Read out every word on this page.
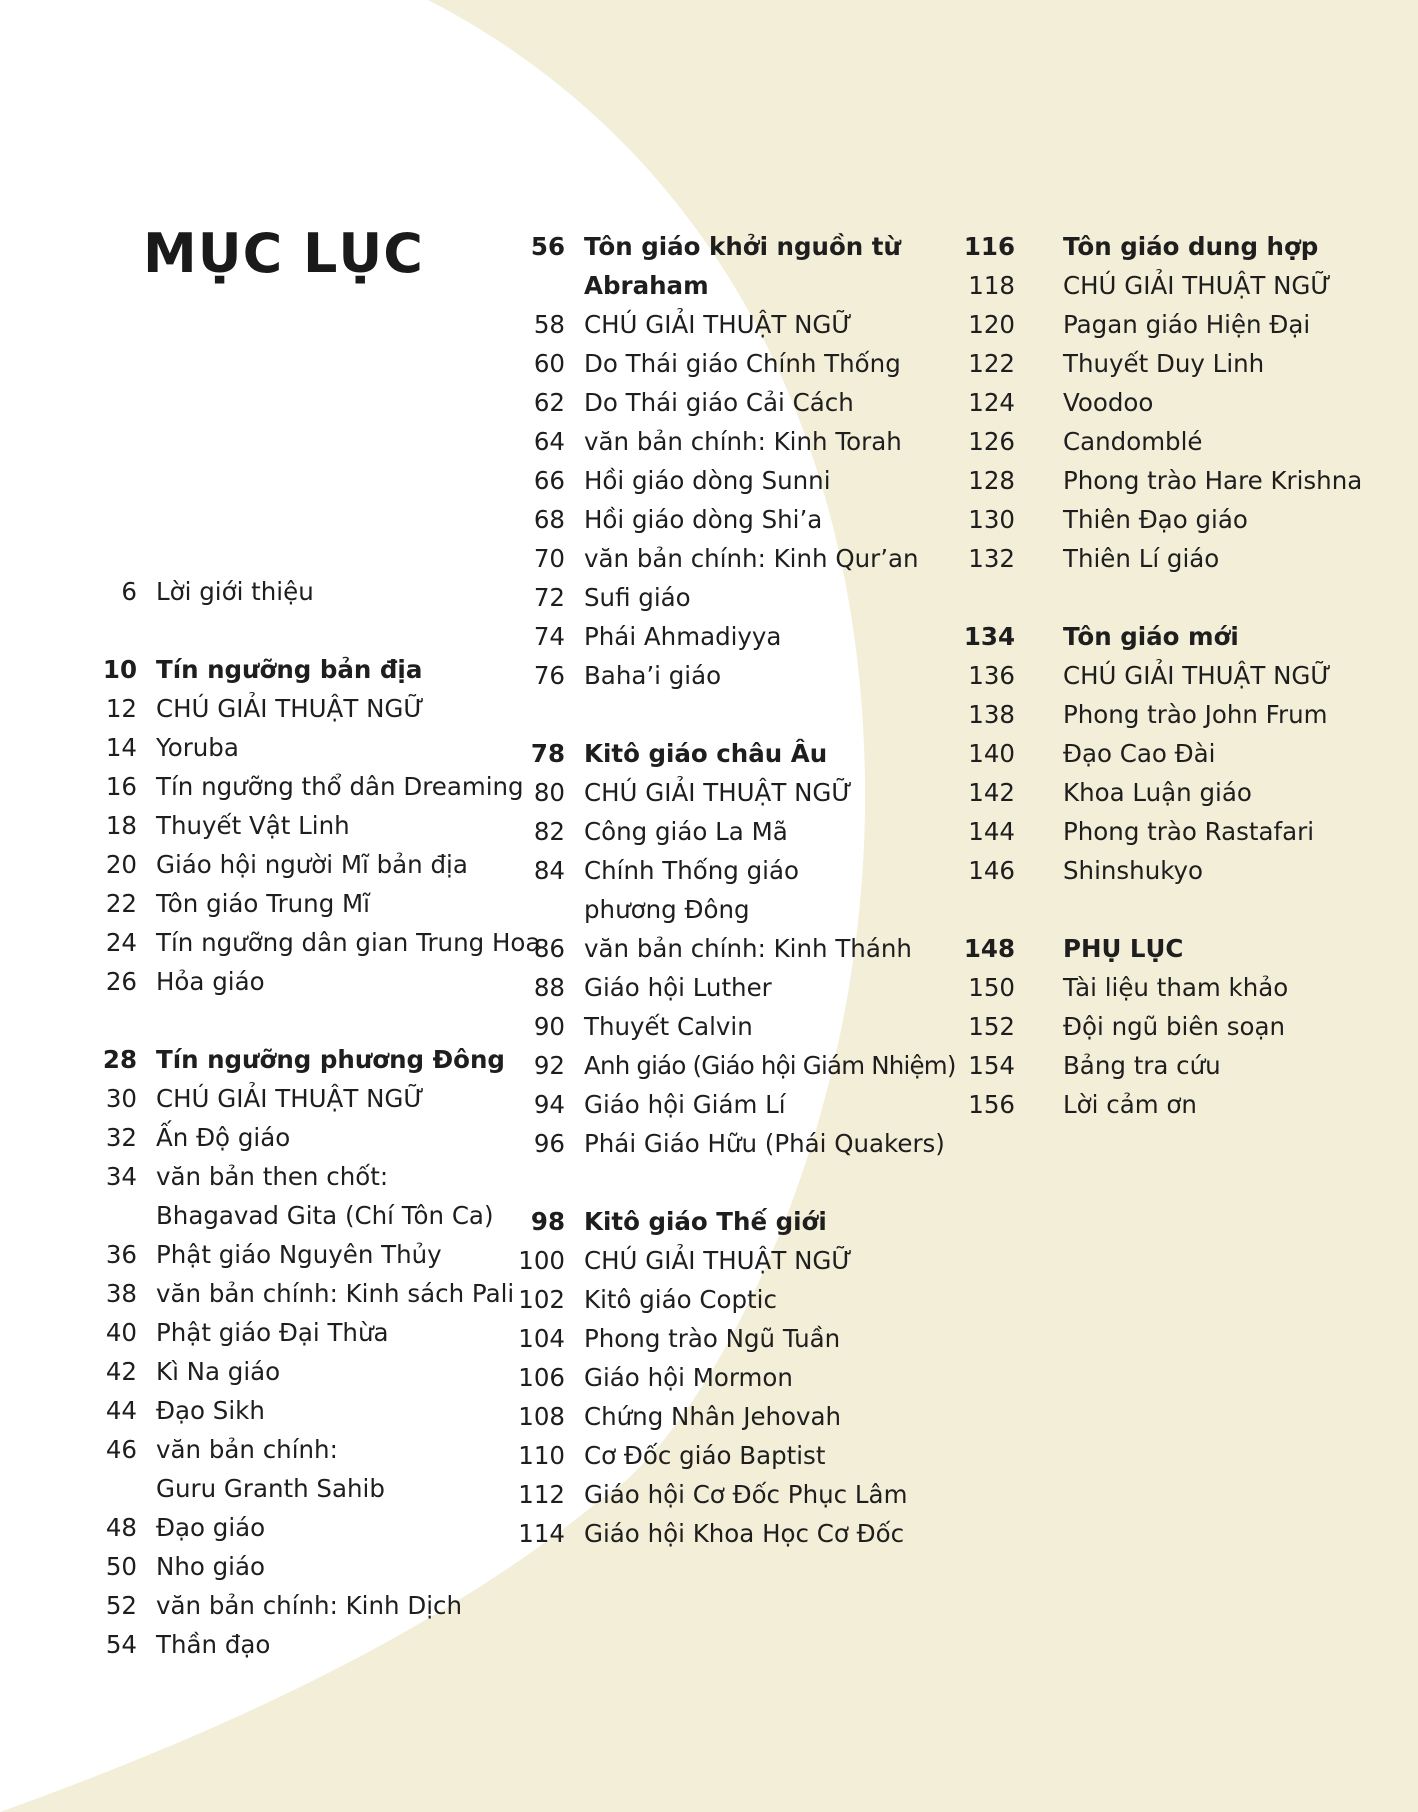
MỤC LỤC
6 Lời giới thiệu
10 Tín ngưỡng bản địa
12 CHÚ GIẢI THUẬT NGỮ
14 Yoruba
16 Tín ngưỡng thổ dân Dreaming
18 Thuyết Vật Linh
20 Giáo hội người Mĩ bản địa
22 Tôn giáo Trung Mĩ
24 Tín ngưỡng dân gian Trung Hoa
26 Hỏa giáo
28 Tín ngưỡng phương Đông
30 CHÚ GIẢI THUẬT NGỮ
32 Ấn Độ giáo
34 văn bản then chốt:
Bhagavad Gita (Chí Tôn Ca)
36 Phật giáo Nguyên Thủy
38 văn bản chính: Kinh sách Pali
40 Phật giáo Đại Thừa
42 Kì Na giáo
44 Đạo Sikh
46 văn bản chính:
Guru Granth Sahib
48 Đạo giáo
50 Nho giáo
52 văn bản chính: Kinh Dịch
54 Thần đạo
56 Tôn giáo khởi nguồn từ
Abraham
58 CHÚ GIẢI THUẬT NGỮ
60 Do Thái giáo Chính Thống
62 Do Thái giáo Cải Cách
64 văn bản chính: Kinh Torah
66 Hồi giáo dòng Sunni
68 Hồi giáo dòng Shi’a
70 văn bản chính: Kinh Qur’an
72 Sufi giáo
74 Phái Ahmadiyya
76 Baha’i giáo
78 Kitô giáo châu Âu
80 CHÚ GIẢI THUẬT NGỮ
82 Công giáo La Mã
84 Chính Thống giáo
phương Đông
86 văn bản chính: Kinh Thánh
88 Giáo hội Luther
90 Thuyết Calvin
92 Anh giáo (Giáo hội Giám Nhiệm)
94 Giáo hội Giám Lí
96 Phái Giáo Hữu (Phái Quakers)
98 Kitô giáo Thế giới
100 CHÚ GIẢI THUẬT NGỮ
102 Kitô giáo Coptic
104 Phong trào Ngũ Tuần
106 Giáo hội Mormon
108 Chứng Nhân Jehovah
110 Cơ Đốc giáo Baptist
112 Giáo hội Cơ Đốc Phục Lâm
114 Giáo hội Khoa Học Cơ Đốc
116	Tôn giáo dung hợp
118	CHÚ GIẢI THUẬT NGỮ
120	Pagan giáo Hiện Đại
122	Thuyết Duy Linh
124	Voodoo
126	Candomblé
128	Phong trào Hare Krishna
130	Thiên Đạo giáo
132	Thiên Lí giáo
134	Tôn giáo mới
136	CHÚ GIẢI THUẬT NGỮ
138	Phong trào John Frum
140	Đạo Cao Đài
142	Khoa Luận giáo
144	Phong trào Rastafari
146	Shinshukyo
148	PHỤ LỤC
150	Tài liệu tham khảo
152	Đội ngũ biên soạn
154	Bảng tra cứu
156	Lời cảm ơn
